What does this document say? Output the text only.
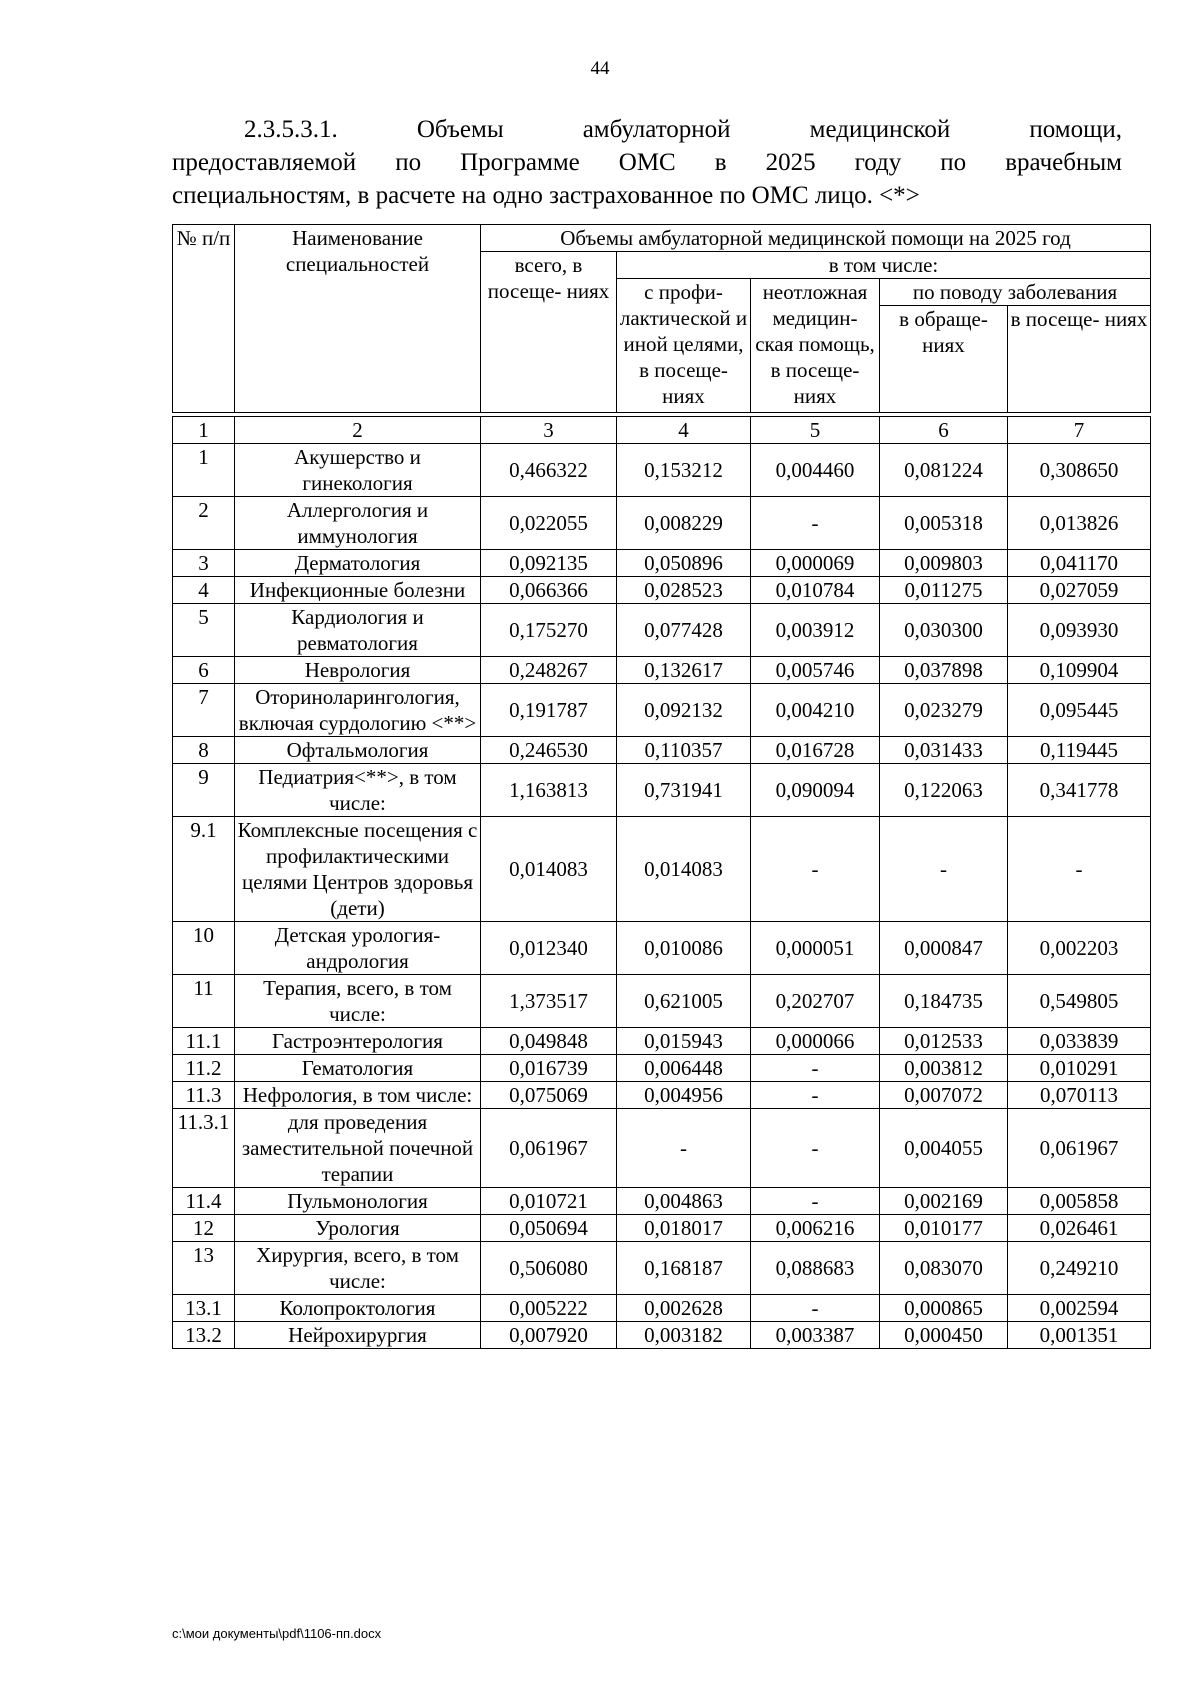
44
2.3.5.3.1. Объемы амбулаторной медицинской помощи,
предоставляемой по Программе ОМС в 2025 году по врачебным
специальностям, в расчете на одно застрахованное по ОМС лицо. <*>
№ п/п	Наименование специальностей	Объемы амбулаторной медицинской помощи на 2025 год				
		всего, в посеще- ниях	в том числе:			
			с профи- лактической и иной целями, в посеще- ниях	неотложная медицин- ская помощь, в посеще- ниях	по поводу заболевания	
					в обраще- ниях	в посеще- ниях

1	2	3	4	5	6	7
1	Акушерство и гинекология	0,466322	0,153212	0,004460	0,081224	0,308650
2	Аллергология и иммунология	0,022055	0,008229	-	0,005318	0,013826
3	Дерматология	0,092135	0,050896	0,000069	0,009803	0,041170
4	Инфекционные болезни	0,066366	0,028523	0,010784	0,011275	0,027059
5	Кардиология и ревматология	0,175270	0,077428	0,003912	0,030300	0,093930
6	Неврология	0,248267	0,132617	0,005746	0,037898	0,109904
7	Оториноларингология, включая сурдологию <**>	0,191787	0,092132	0,004210	0,023279	0,095445
8	Офтальмология	0,246530	0,110357	0,016728	0,031433	0,119445
9	Педиатрия<**>, в том числе:	1,163813	0,731941	0,090094	0,122063	0,341778
9.1	Комплексные посещения с профилактическими целями Центров здоровья (дети)	0,014083	0,014083	-	-	-
10	Детская урология- андрология	0,012340	0,010086	0,000051	0,000847	0,002203
11	Терапия, всего, в том числе:	1,373517	0,621005	0,202707	0,184735	0,549805
11.1	Гастроэнтерология	0,049848	0,015943	0,000066	0,012533	0,033839
11.2	Гематология	0,016739	0,006448	-	0,003812	0,010291
11.3	Нефрология, в том числе:	0,075069	0,004956	-	0,007072	0,070113
11.3.1	для проведения заместительной почечной терапии	0,061967	-	-	0,004055	0,061967
11.4	Пульмонология	0,010721	0,004863	-	0,002169	0,005858
12	Урология	0,050694	0,018017	0,006216	0,010177	0,026461
13	Хирургия, всего, в том числе:	0,506080	0,168187	0,088683	0,083070	0,249210
13.1	Колопроктология	0,005222	0,002628	-	0,000865	0,002594
13.2	Нейрохирургия	0,007920	0,003182	0,003387	0,000450	0,001351
c:\мои документы\pdf\1106-пп.docx
